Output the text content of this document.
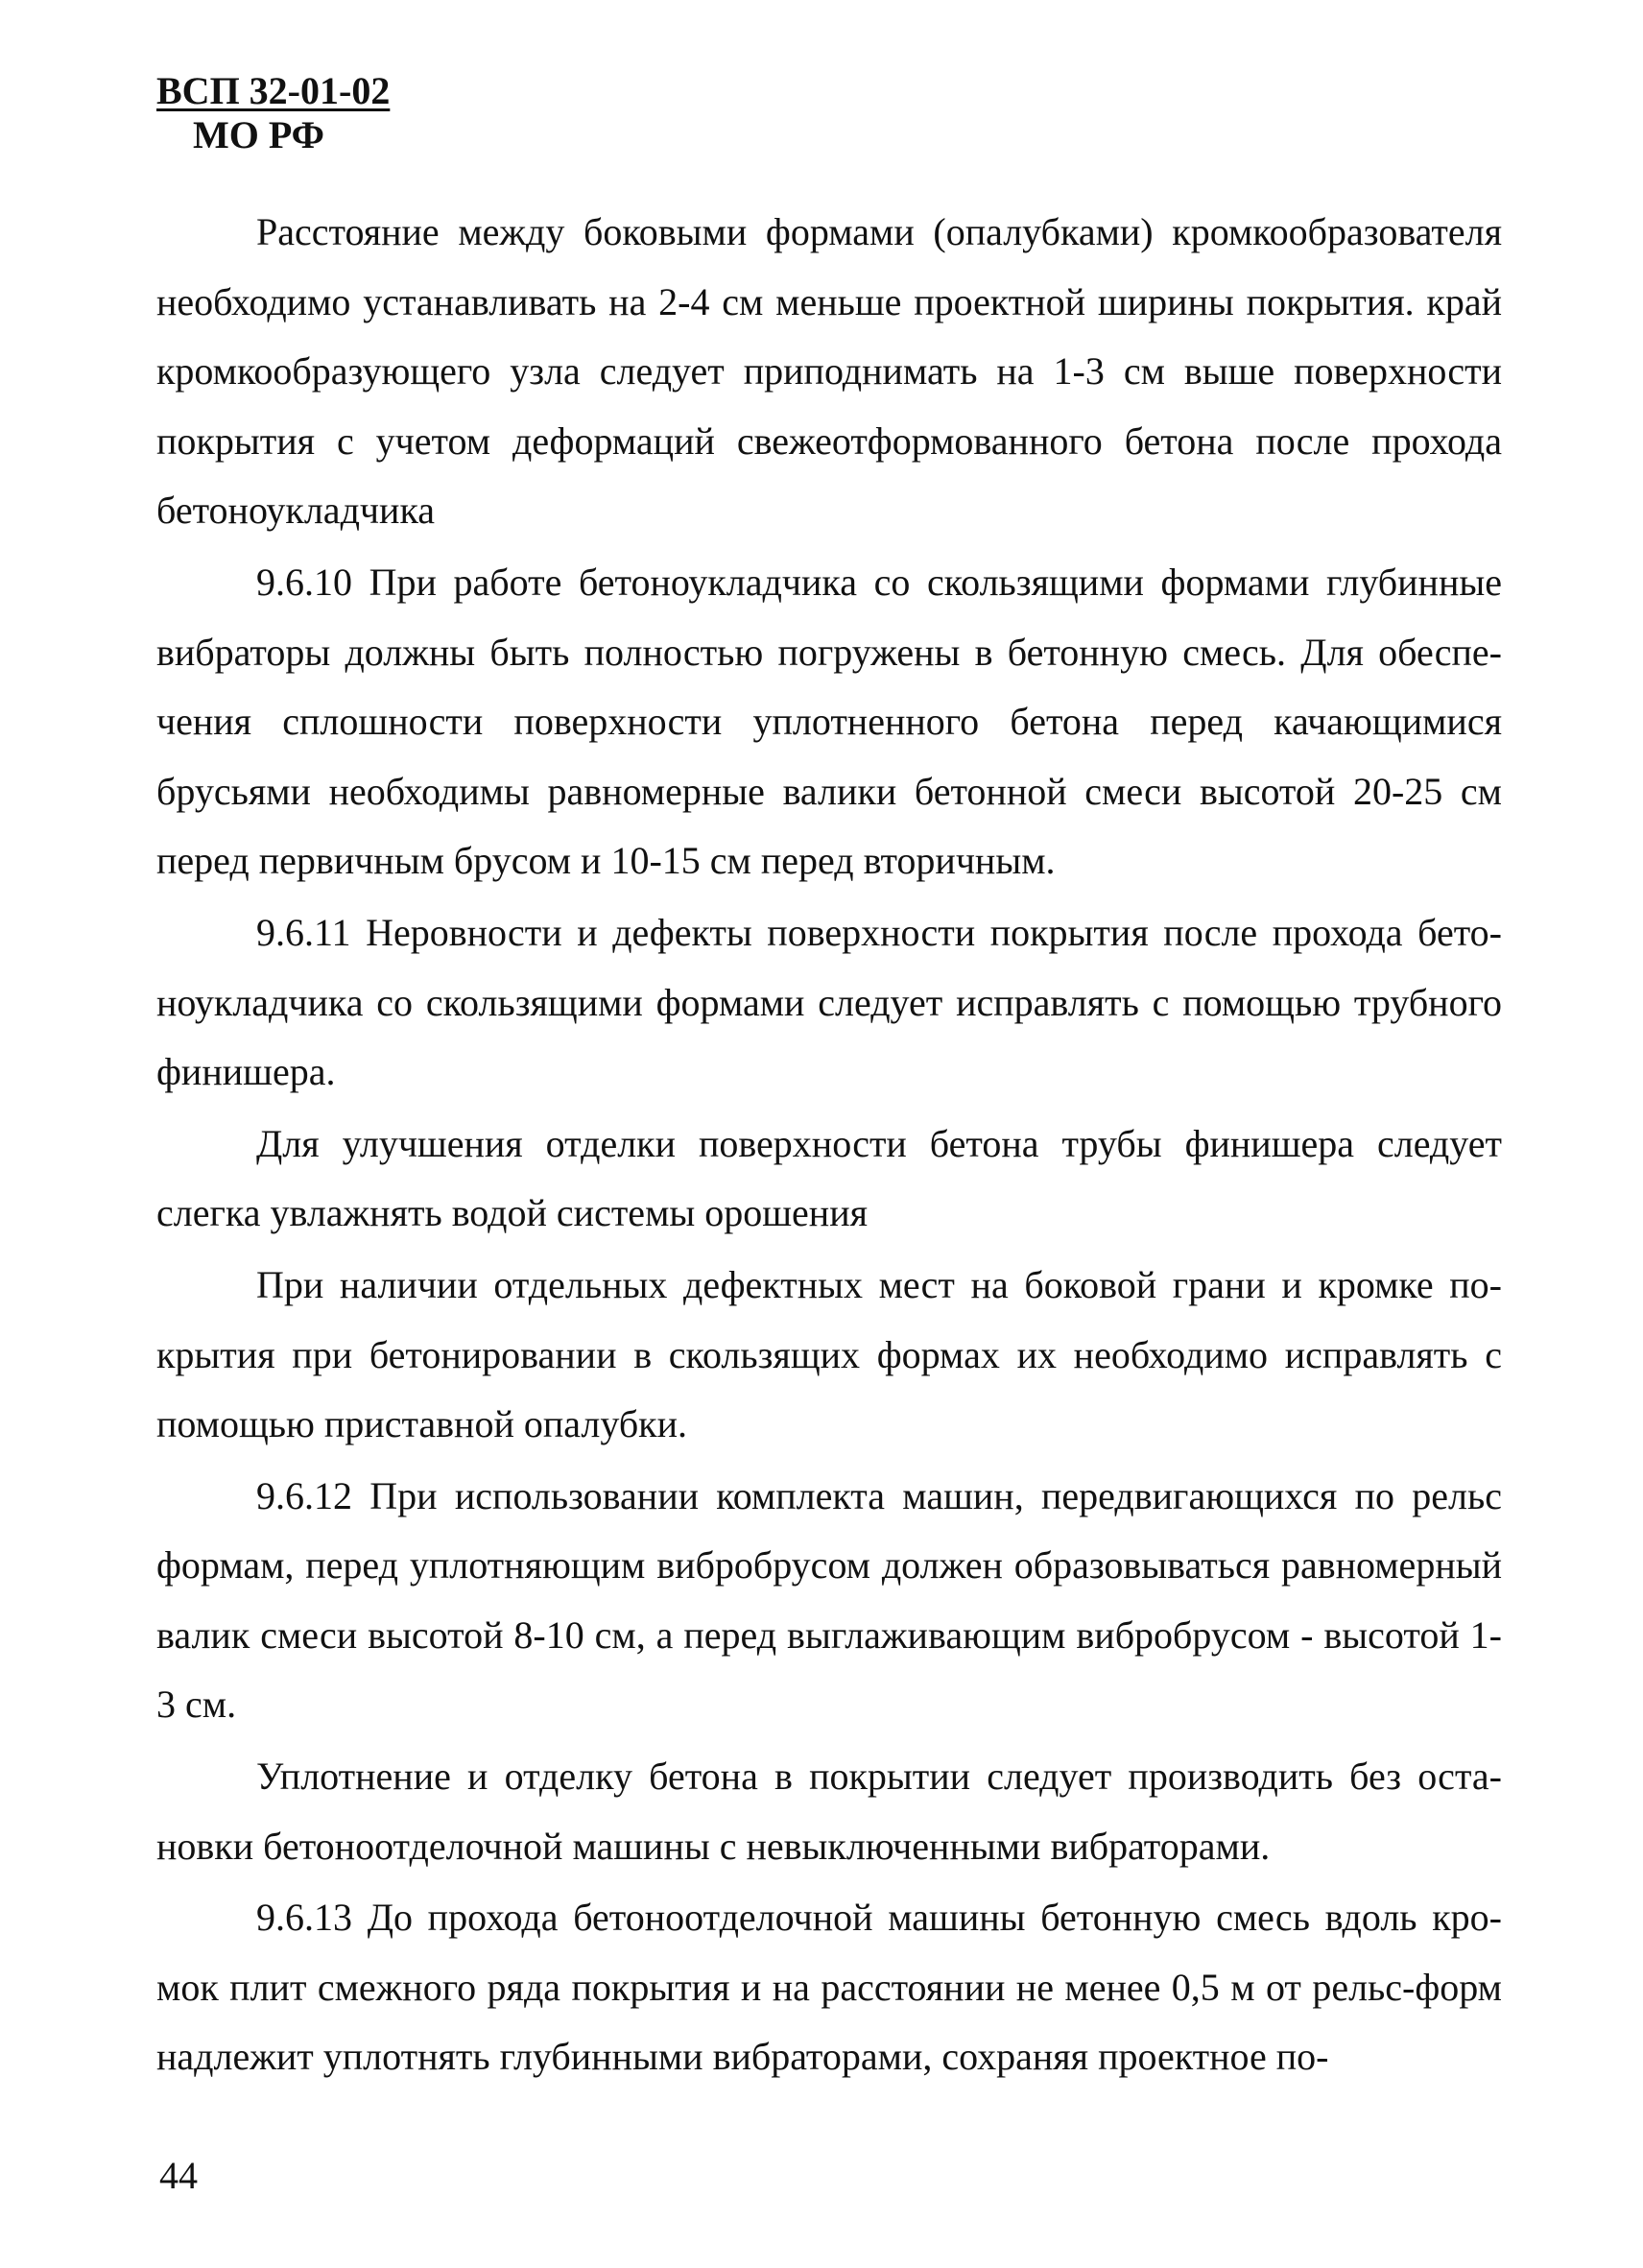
ВСП 32-01-02
МО РФ

Расстояние между боковыми формами (опалубками) кромкообразователя необходимо устанавливать на 2-4 см меньше проектной ширины покрытия. край кромкообразующего узла следует приподнимать на 1-3 см выше поверхности покрытия с учетом деформаций свежеотформованного бетона после прохода бетоноукладчика

9.6.10 При работе бетоноукладчика со скользящими формами глубинные вибраторы должны быть полностью погружены в бетонную смесь. Для обеспечения сплошности поверхности уплотненного бетона перед качающимися брусьями необходимы равномерные валики бетонной смеси высотой 20-25 см перед первичным брусом и 10-15 см перед вторичным.

9.6.11 Неровности и дефекты поверхности покрытия после прохода бетоноукладчика со скользящими формами следует исправлять с помощью трубного финишера.

Для улучшения отделки поверхности бетона трубы финишера следует слегка увлажнять водой системы орошения

При наличии отдельных дефектных мест на боковой грани и кромке покрытия при бетонировании в скользящих формах их необходимо исправлять с помощью приставной опалубки.

9.6.12 При использовании комплекта машин, передвигающихся по рельс формам, перед уплотняющим вибробрусом должен образовываться равномерный валик смеси высотой 8-10 см, а перед выглаживающим вибробрусом - высотой 1-3 см.

Уплотнение и отделку бетона в покрытии следует производить без остановки бетоноотделочной машины с невыключенными вибраторами.

9.6.13 До прохода бетоноотделочной машины бетонную смесь вдоль кромок плит смежного ряда покрытия и на расстоянии не менее 0,5 м от рельс-форм надлежит уплотнять глубинными вибраторами, сохраняя проектное по-

44
